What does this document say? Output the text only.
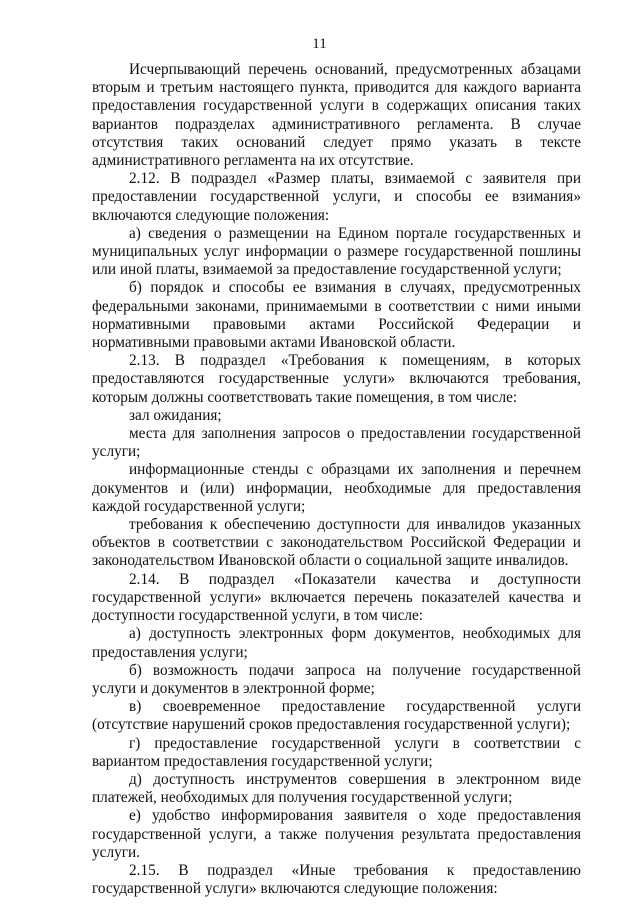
11

Исчерпывающий перечень оснований, предусмотренных абзацами вторым и третьим настоящего пункта, приводится для каждого варианта предоставления государственной услуги в содержащих описания таких вариантов подразделах административного регламента. В случае отсутствия таких оснований следует прямо указать в тексте административного регламента на их отсутствие.

2.12. В подраздел «Размер платы, взимаемой с заявителя при предоставлении государственной услуги, и способы ее взимания» включаются следующие положения:

а) сведения о размещении на Едином портале государственных и муниципальных услуг информации о размере государственной пошлины или иной платы, взимаемой за предоставление государственной услуги;

б) порядок и способы ее взимания в случаях, предусмотренных федеральными законами, принимаемыми в соответствии с ними иными нормативными правовыми актами Российской Федерации и нормативными правовыми актами Ивановской области.

2.13. В подраздел «Требования к помещениям, в которых предоставляются государственные услуги» включаются требования, которым должны соответствовать такие помещения, в том числе:

зал ожидания;

места для заполнения запросов о предоставлении государственной услуги;

информационные стенды с образцами их заполнения и перечнем документов и (или) информации, необходимые для предоставления каждой государственной услуги;

требования к обеспечению доступности для инвалидов указанных объектов в соответствии с законодательством Российской Федерации и законодательством Ивановской области о социальной защите инвалидов.

2.14. В подраздел «Показатели качества и доступности государственной услуги» включается перечень показателей качества и доступности государственной услуги, в том числе:

а) доступность электронных форм документов, необходимых для предоставления услуги;

б) возможность подачи запроса на получение государственной услуги и документов в электронной форме;

в) своевременное предоставление государственной услуги (отсутствие нарушений сроков предоставления государственной услуги);

г) предоставление государственной услуги в соответствии с вариантом предоставления государственной услуги;

д) доступность инструментов совершения в электронном виде платежей, необходимых для получения государственной услуги;

е) удобство информирования заявителя о ходе предоставления государственной услуги, а также получения результата предоставления услуги.

2.15. В подраздел «Иные требования к предоставлению государственной услуги» включаются следующие положения:
